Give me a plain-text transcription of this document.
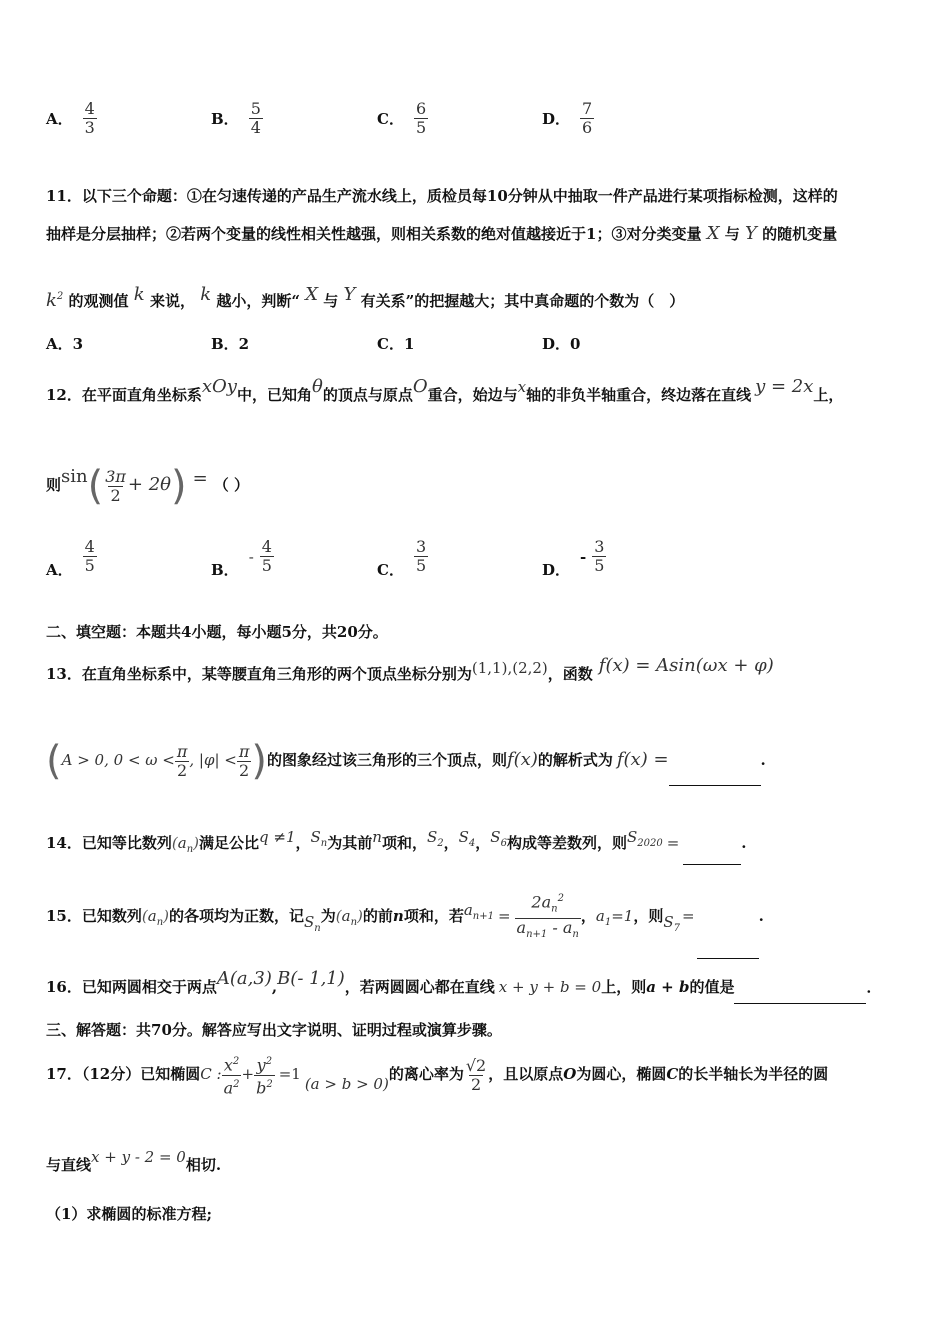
A． $\frac{4}{3}$	B． $\frac{5}{4}$	C． $\frac{6}{5}$	D． $\frac{7}{6}$
11．以下三个命题：①在匀速传递的产品生产流水线上，质检员每10分钟从中抽取一件产品进行某项指标检测，这样的
抽样是分层抽样；②若两个变量的线性相关性越强，则相关系数的绝对值越接近于1；③对分类变量 X 与 Y 的随机变量
$k^2$ 的观测值 k 来说， k 越小，判断“ X 与 Y 有关系”的把握越大；其中真命题的个数为（　）
A．3	B．2	C．1	D．0
12．在平面直角坐标系xOy中，已知角θ的顶点与原点O重合，始边与x轴的非负半轴重合，终边落在直线 y = 2x上，
则$\sin( \frac{3\pi}{2} + 2\theta)$ = （ ）
A． $\frac{4}{5}$	B．- $\frac{4}{5}$	C． $\frac{3}{5}$	D．- $\frac{3}{5}$
二、填空题：本题共4小题，每小题5分，共20分。
13．在直角坐标系中，某等腰直角三角形的两个顶点坐标分别为(1,1),(2,2)，函数 f(x) = Asin(ωx + φ)
(A > 0, $0 < \omega < \frac{\pi}{2}$ , $|\varphi| < \frac{\pi}{2}$ )的图象经过该三角形的三个顶点，则f(x)的解析式为 f(x) =	.
14．已知等比数列$(a_n)$满足公比q ≠1，$S_n$为其前n项和，$S_2$，$S_4$，$S_6$构成等差数列，则$S_{2020}$ =	.
15．已知数列$(a_n)$的各项均为正数，记$S_n$为$(a_n)$的前n项和，若$a_{n+1} = \frac{2a_n^2}{a_{n+1} - a_n}$ ，$a_1=1$，则$S_7=$	.
16．已知两圆相交于两点A(a,3),B(- 1,1)，若两圆圆心都在直线 x + y + b = 0上，则a + b的值是	．
三、解答题：共70分。解答应写出文字说明、证明过程或演算步骤。
17．（12分）已知椭圆C : $\frac{x^2}{a^2} + \frac{y^2}{b^2} =1(a > b > 0)$的离心率为 $\frac{√2}{2}$ ，且以原点O为圆心，椭圆C的长半轴长为半径的圆
与直线x + y - 2 = 0相切.
（1）求椭圆的标准方程;
